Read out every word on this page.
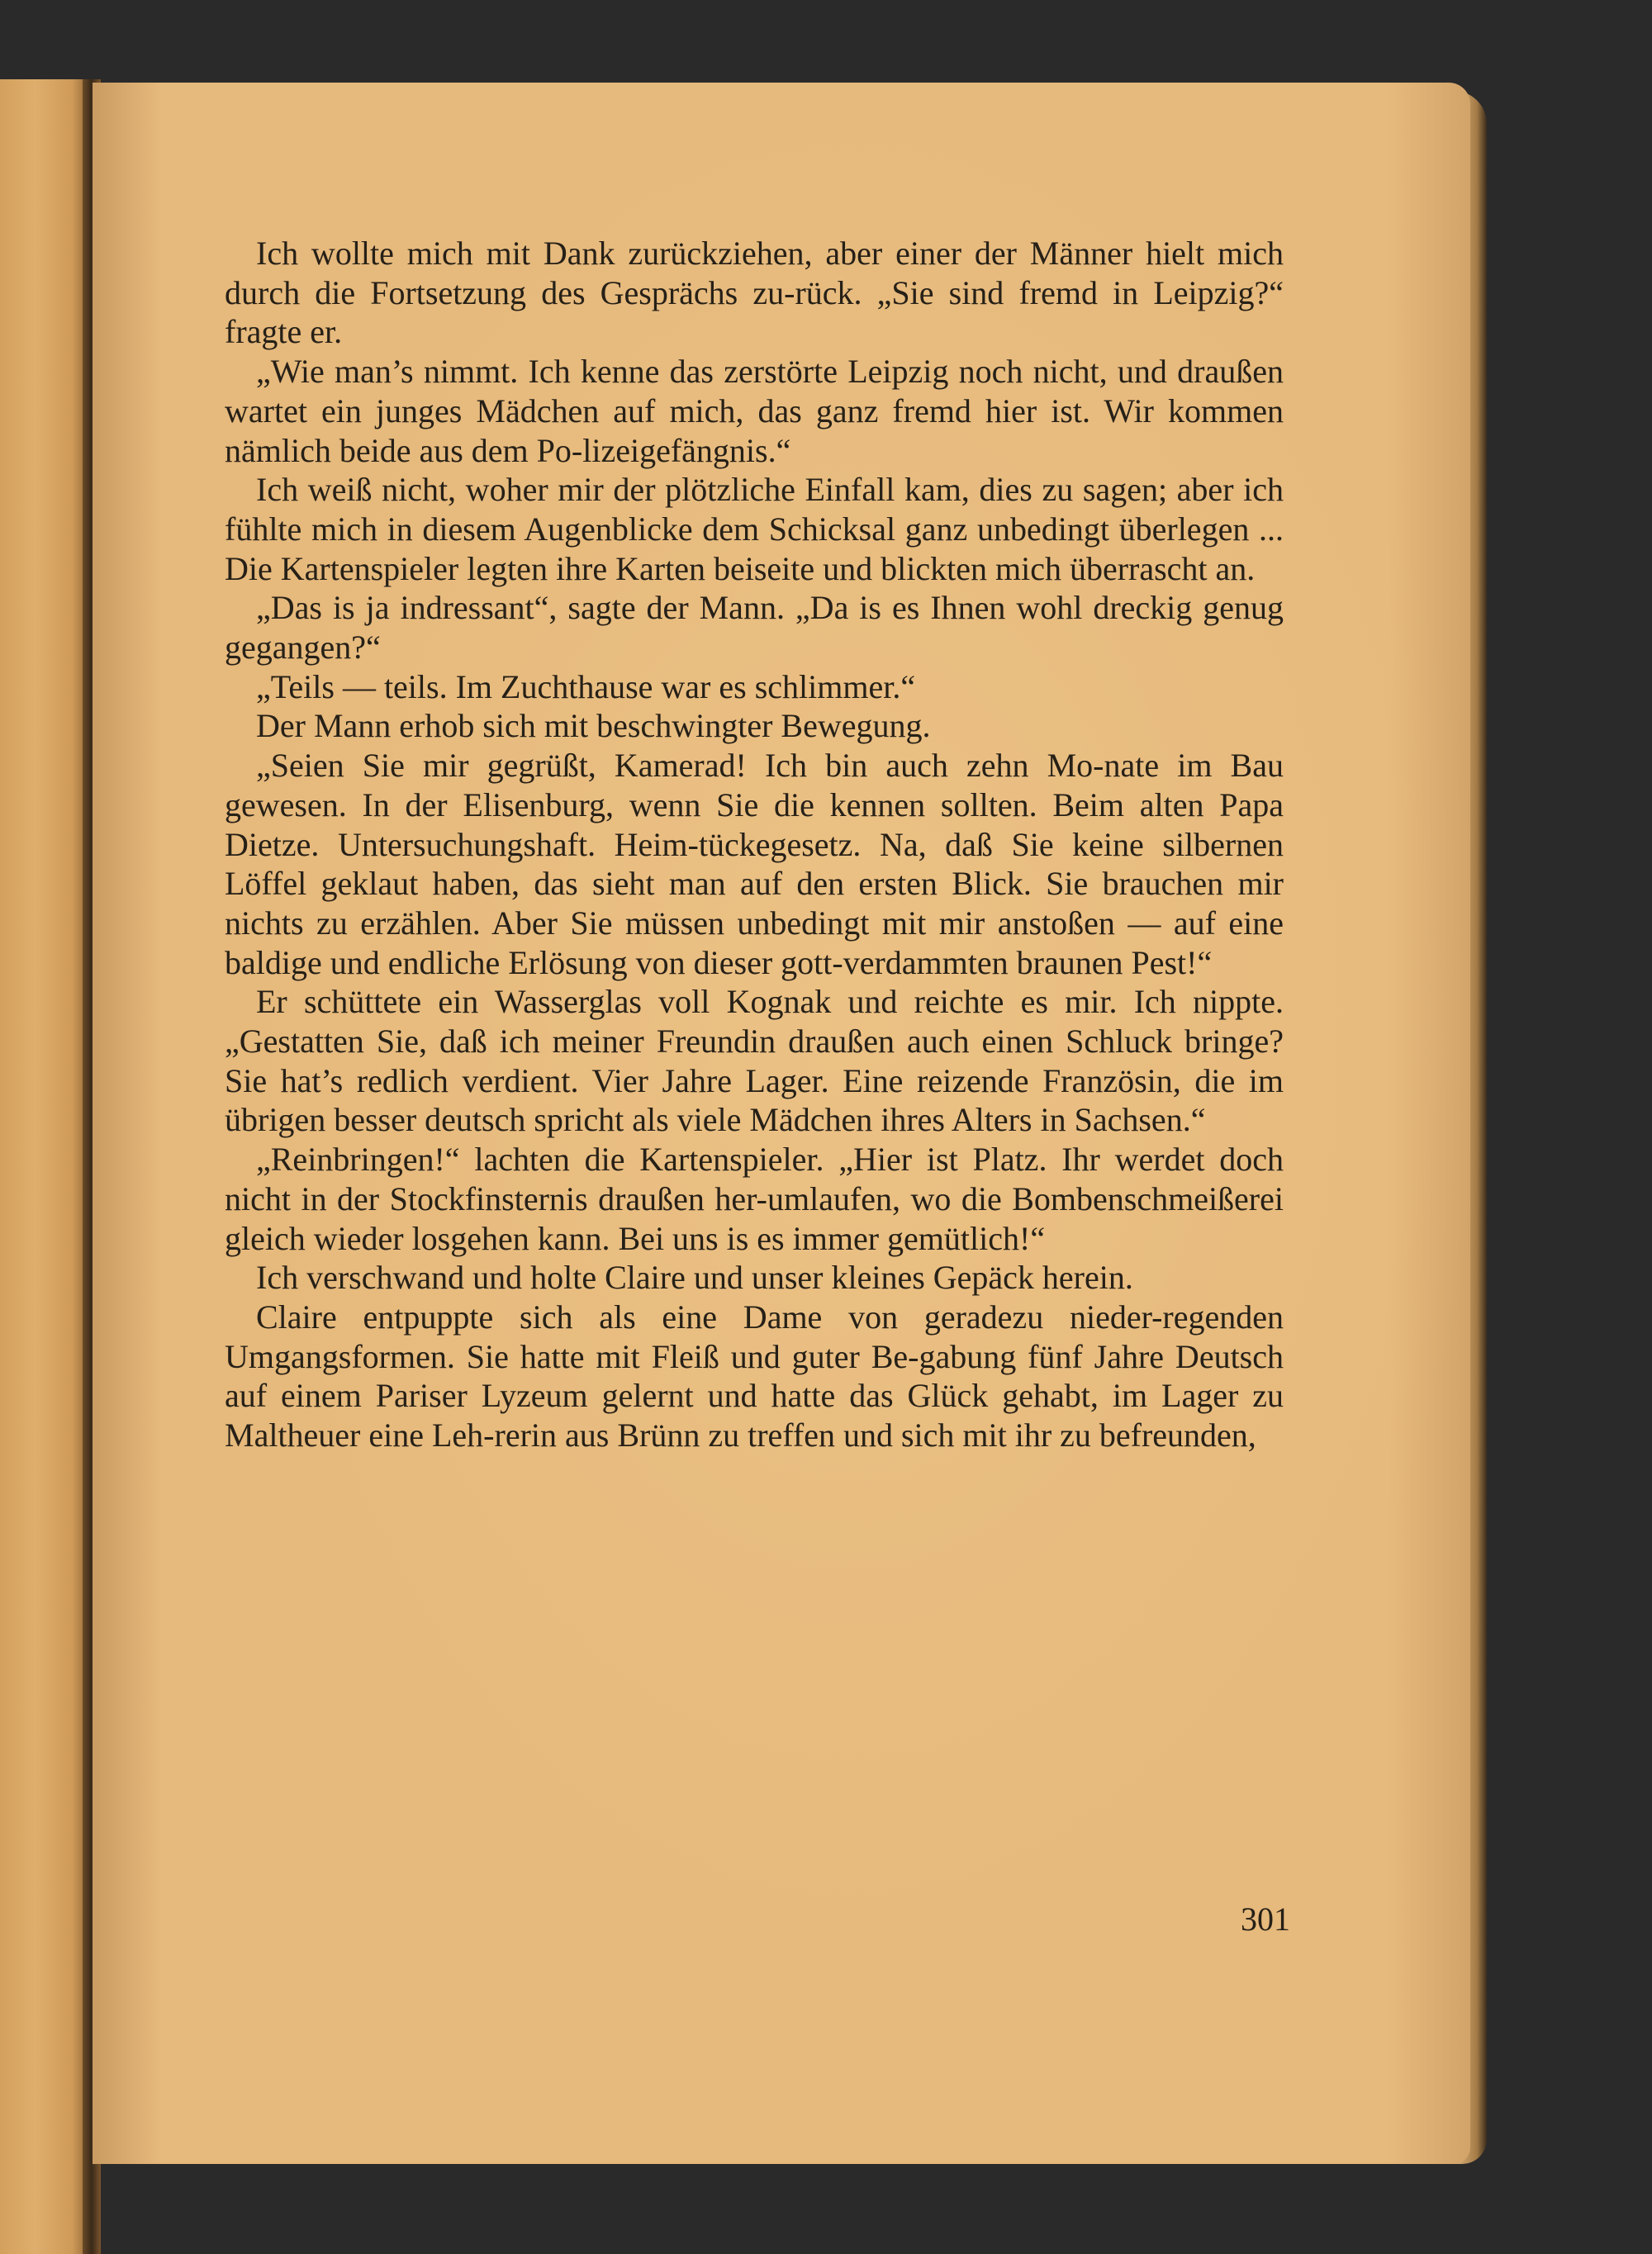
Ich wollte mich mit Dank zurückziehen, aber einer der Männer hielt mich durch die Fortsetzung des Gesprächs zu-rück. „Sie sind fremd in Leipzig?“ fragte er.

„Wie man’s nimmt. Ich kenne das zerstörte Leipzig noch nicht, und draußen wartet ein junges Mädchen auf mich, das ganz fremd hier ist. Wir kommen nämlich beide aus dem Po-lizeigefängnis.“

Ich weiß nicht, woher mir der plötzliche Einfall kam, dies zu sagen; aber ich fühlte mich in diesem Augenblicke dem Schicksal ganz unbedingt überlegen ... Die Kartenspieler legten ihre Karten beiseite und blickten mich überrascht an.

„Das is ja indressant“, sagte der Mann. „Da is es Ihnen wohl dreckig genug gegangen?“

„Teils — teils. Im Zuchthause war es schlimmer.“

Der Mann erhob sich mit beschwingter Bewegung.

„Seien Sie mir gegrüßt, Kamerad! Ich bin auch zehn Mo-nate im Bau gewesen. In der Elisenburg, wenn Sie die kennen sollten. Beim alten Papa Dietze. Untersuchungshaft. Heim-tückegesetz. Na, daß Sie keine silbernen Löffel geklaut haben, das sieht man auf den ersten Blick. Sie brauchen mir nichts zu erzählen. Aber Sie müssen unbedingt mit mir anstoßen — auf eine baldige und endliche Erlösung von dieser gott-verdammten braunen Pest!“

Er schüttete ein Wasserglas voll Kognak und reichte es mir. Ich nippte. „Gestatten Sie, daß ich meiner Freundin draußen auch einen Schluck bringe? Sie hat’s redlich verdient. Vier Jahre Lager. Eine reizende Französin, die im übrigen besser deutsch spricht als viele Mädchen ihres Alters in Sachsen.“

„Reinbringen!“ lachten die Kartenspieler. „Hier ist Platz. Ihr werdet doch nicht in der Stockfinsternis draußen her-umlaufen, wo die Bombenschmeißerei gleich wieder losgehen kann. Bei uns is es immer gemütlich!“

Ich verschwand und holte Claire und unser kleines Gepäck herein.

Claire entpuppte sich als eine Dame von geradezu nieder-regenden Umgangsformen. Sie hatte mit Fleiß und guter Be-gabung fünf Jahre Deutsch auf einem Pariser Lyzeum gelernt und hatte das Glück gehabt, im Lager zu Maltheuer eine Leh-rerin aus Brünn zu treffen und sich mit ihr zu befreunden,

301
